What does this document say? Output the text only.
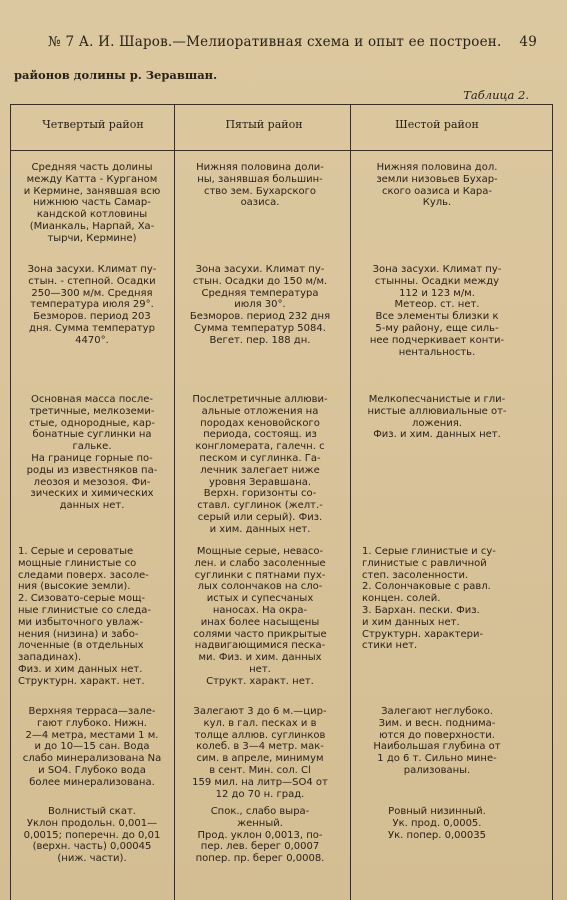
№ 7 А. И. Шаров.—Мелиоративная схема и опыт ее построен. 49
районов долины р. Зеравшан.
Таблица 2.
Четвертый район	Пятый район	Шестой район
Средняя часть долины
между Катта - Курганом
и Кермине, занявшая всю
нижнюю часть Самар-
кандской котловины
(Мианкаль, Нарпай, Ха-
тырчи, Кермине)
Нижняя половина доли-
ны, занявшая большин-
ство зем. Бухарского
оазиса.
Нижняя половина дол.
земли низовьев Бухар-
ского оазиса и Кара-
Куль.
Зона засухи. Климат пу-
стын. - степной. Осадки
250—300 м/м. Средняя
температура июля 29°.
Безморов. период 203
дня. Сумма температур
4470°.
Зона засухи. Климат пу-
стын. Осадки до 150 м/м.
Средняя температура
июля 30°.
Безморов. период 232 дня
Сумма температур 5084.
Вегет. пер. 188 дн.
Зона засухи. Климат пу-
стынны. Осадки между
112 и 123 м/м.
Метеор. ст. нет.
Все элементы близки к
5-му району, еще силь-
нее подчеркивает конти-
нентальность.
Основная масса после-
третичные, мелкоземи-
стые, однородные, кар-
бонатные суглинки на
гальке.
На границе горные по-
роды из известняков па-
леозоя и мезозоя. Фи-
зических и химических
данных нет.
Послетретичные аллюви-
альные отложения на
породах кеновойского
периода, состоящ. из
конгломерата, галечн. с
песком и суглинка. Га-
лечник залегает ниже
уровня Зеравшана.
Верхн. горизонты со-
ставл. суглинок (желт.-
серый или серый). Физ.
и хим. данных нет.
Мелкопесчанистые и гли-
нистые аллювиальные от-
ложения.
Физ. и хим. данных нет.
1. Серые и сероватые
мощные глинистые со
следами поверх. засоле-
ния (высокие земли).
2. Сизовато-серые мощ-
ные глинистые со следа-
ми избыточного увлаж-
нения (низина) и забо-
лоченные (в отдельных
западинах).
Физ. и хим данных нет.
Структурн. характ. нет.
Мощные серые, невасо-
лен. и слабо засоленные
суглинки с пятнами пух-
лых солончаков на сло-
истых и супесчаных
наносах. На окра-
инах более насыщены
солями часто прикрытые
надвигающимися песка-
ми. Физ. и хим. данных
нет.
Структ. характ. нет.
1. Серые глинистые и су-
глинистые с равличной
степ. засоленности.
2. Солончаковые с равл.
концен. солей.
3. Бархан. пески. Физ.
и хим данных нет.
Структурн. характери-
стики нет.
Верхняя терраса—зале-
гают глубоко. Нижн.
2—4 метра, местами 1 м.
и до 10—15 сан. Вода
слабо минерализована Na
и SO4. Глубоко вода
более минерализована.
Залегают 3 до 6 м.—цир-
кул. в гал. песках и в
толще аллюв. суглинков
колеб. в 3—4 метр. мак-
сим. в апреле, минимум
в сент. Мин. сол. Cl
159 мил. на литр—SO4 от
12 до 70 н. град.
Залегают неглубоко.
Зим. и весн. поднима-
ются до поверхности.
Наибольшая глубина от
1 до 6 т. Сильно мине-
рализованы.
Волнистый скат.
Уклон продольн. 0,001—
0,0015; поперечн. до 0,01
(верхн. часть) 0,00045
(ниж. части).
Спок., слабо выра-
женный.
Прод. уклон 0,0013, по-
пер. лев. берег 0,0007
попер. пр. берег 0,0008.
Ровный низинный.
Ук. прод. 0,0005.
Ук. попер. 0,00035
